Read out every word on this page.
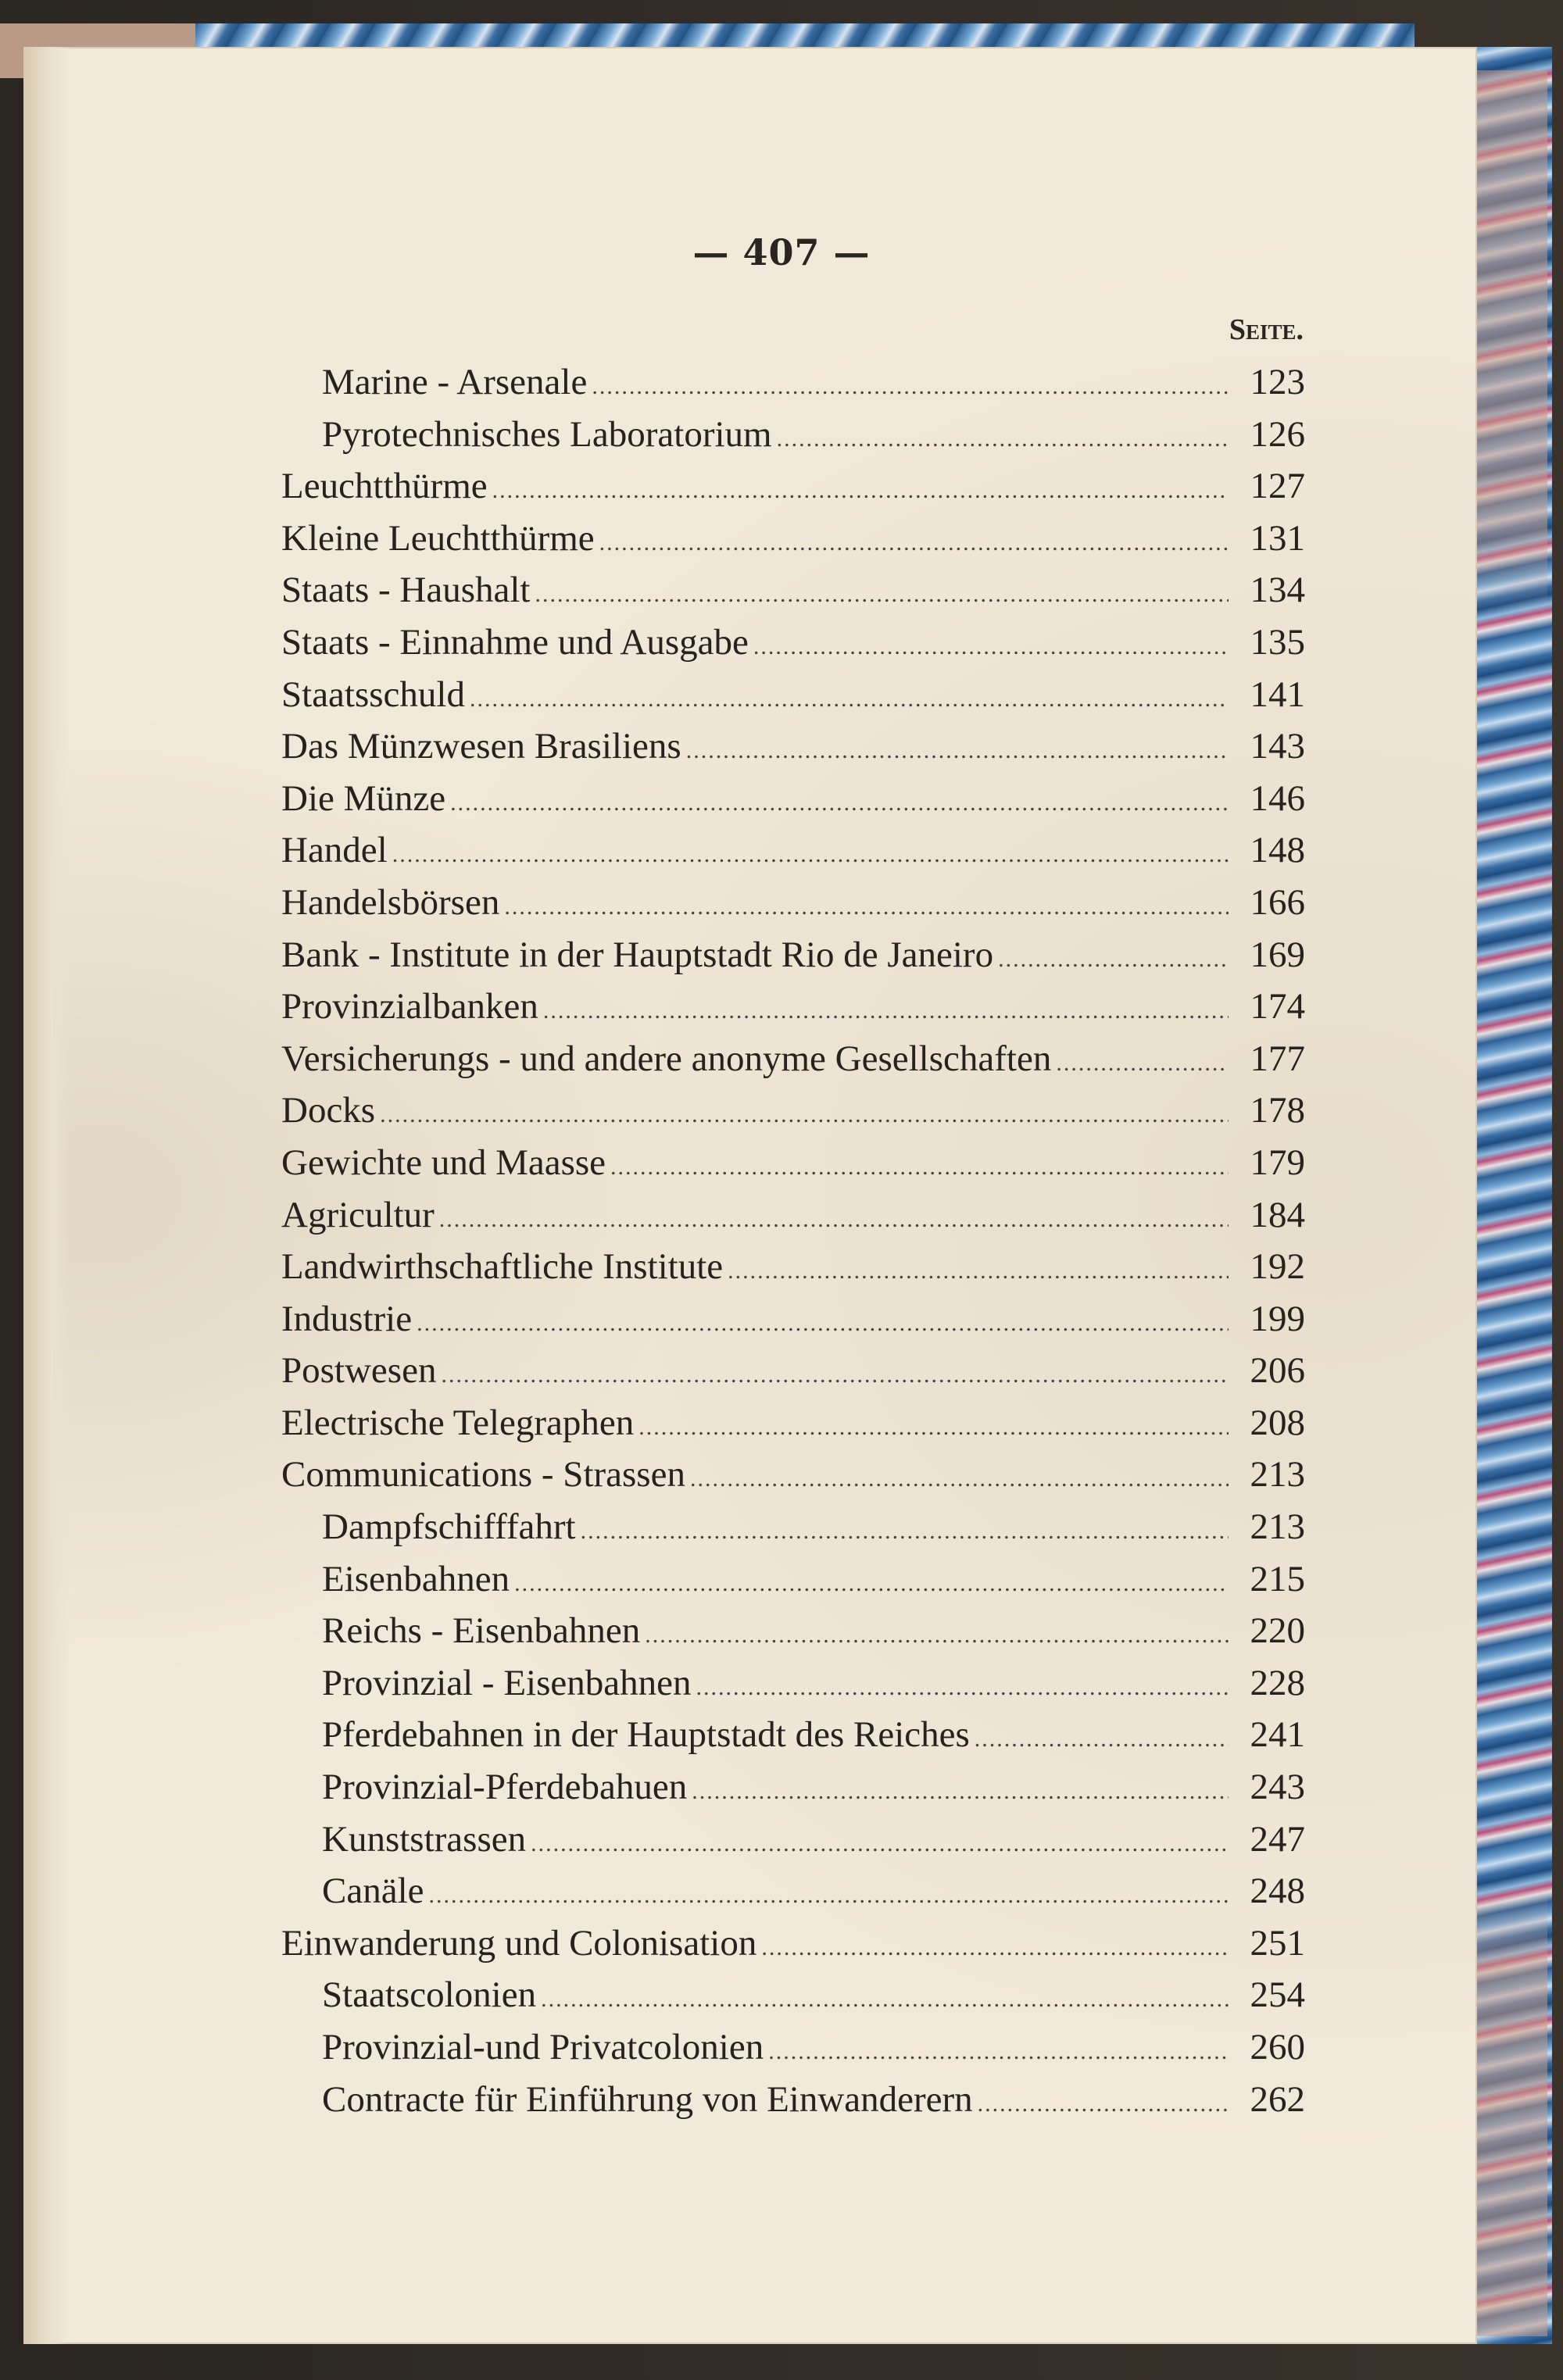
— 407 —
Seite.
Marine - Arsenale .....	123
Pyrotechnisches Laboratorium .....	126
Leuchtthürme .....	127
Kleine Leuchtthürme .....	131
Staats - Haushalt .....	134
Staats - Einnahme und Ausgabe .....	135
Staatsschuld .....	141
Das Münzwesen Brasiliens .....	143
Die Münze .....	146
Handel .....	148
Handelsbörsen .....	166
Bank - Institute in der Hauptstadt Rio de Janeiro .....	169
Provinzialbanken .....	174
Versicherungs - und andere anonyme Gesellschaften .....	177
Docks .....	178
Gewichte und Maasse .....	179
Agricultur .....	184
Landwirthschaftliche Institute .....	192
Industrie .....	199
Postwesen .....	206
Electrische Telegraphen .....	208
Communications - Strassen .....	213
Dampfschifffahrt .....	213
Eisenbahnen .....	215
Reichs - Eisenbahnen .....	220
Provinzial - Eisenbahnen .....	228
Pferdebahnen in der Hauptstadt des Reiches .....	241
Provinzial-Pferdebahuen .....	243
Kunststrassen .....	247
Canäle .....	248
Einwanderung und Colonisation .....	251
Staatscolonien .....	254
Provinzial-und Privatcolonien .....	260
Contracte für Einführung von Einwanderern .....	262
